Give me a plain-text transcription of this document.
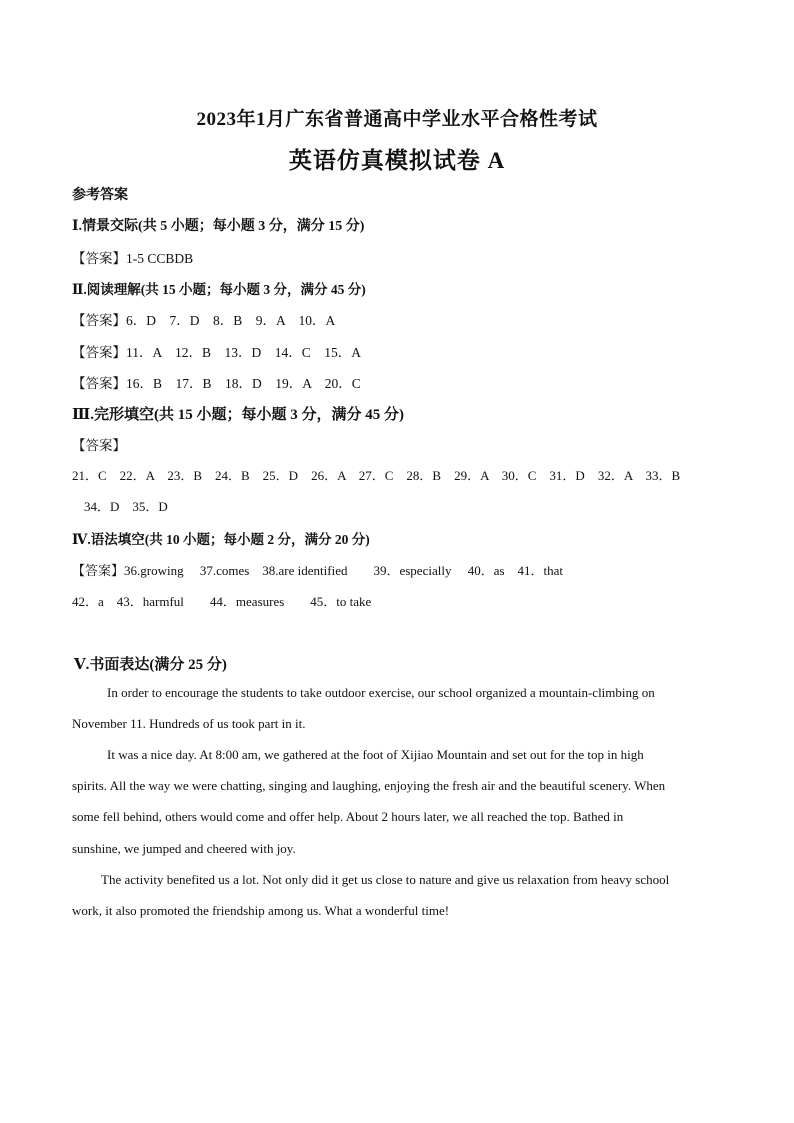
2023年1月广东省普通高中学业水平合格性考试
英语仿真模拟试卷 A
参考答案
Ⅰ.情景交际(共 5 小题；每小题 3 分，满分 15 分)
【答案】1-5 CCBDB
Ⅱ.阅读理解(共 15 小题；每小题 3 分，满分 45 分)
【答案】6．D　7．D　8．B　9．A　10．A
【答案】11．A　12．B　13．D　14．C　15．A
【答案】16．B　17．B　18．D　19．A　20．C
Ⅲ.完形填空(共 15 小题；每小题 3 分，满分 45 分)
【答案】
21．C　22．A　23．B　24．B　25．D　26．A　27．C　28．B　29．A　30．C　31．D　32．A　33．B
34．D　35．D
Ⅳ.语法填空(共 10 小题；每小题 2 分，满分 20 分)
【答案】36.growing　 37.comes　38.are identified　　39．especially　 40．as　41．that
42．a　43．harmful　　44．measures　　45．to take
Ⅴ.书面表达(满分 25 分)
In order to encourage the students to take outdoor exercise, our school organized a mountain-climbing on
November 11. Hundreds of us took part in it.
It was a nice day. At 8:00 am, we gathered at the foot of Xijiao Mountain and set out for the top in high
spirits. All the way we were chatting, singing and laughing, enjoying the fresh air and the beautiful scenery. When
some fell behind, others would come and offer help. About 2 hours later, we all reached the top. Bathed in
sunshine, we jumped and cheered with joy.
The activity benefited us a lot. Not only did it get us close to nature and give us relaxation from heavy school
work, it also promoted the friendship among us. What a wonderful time!
